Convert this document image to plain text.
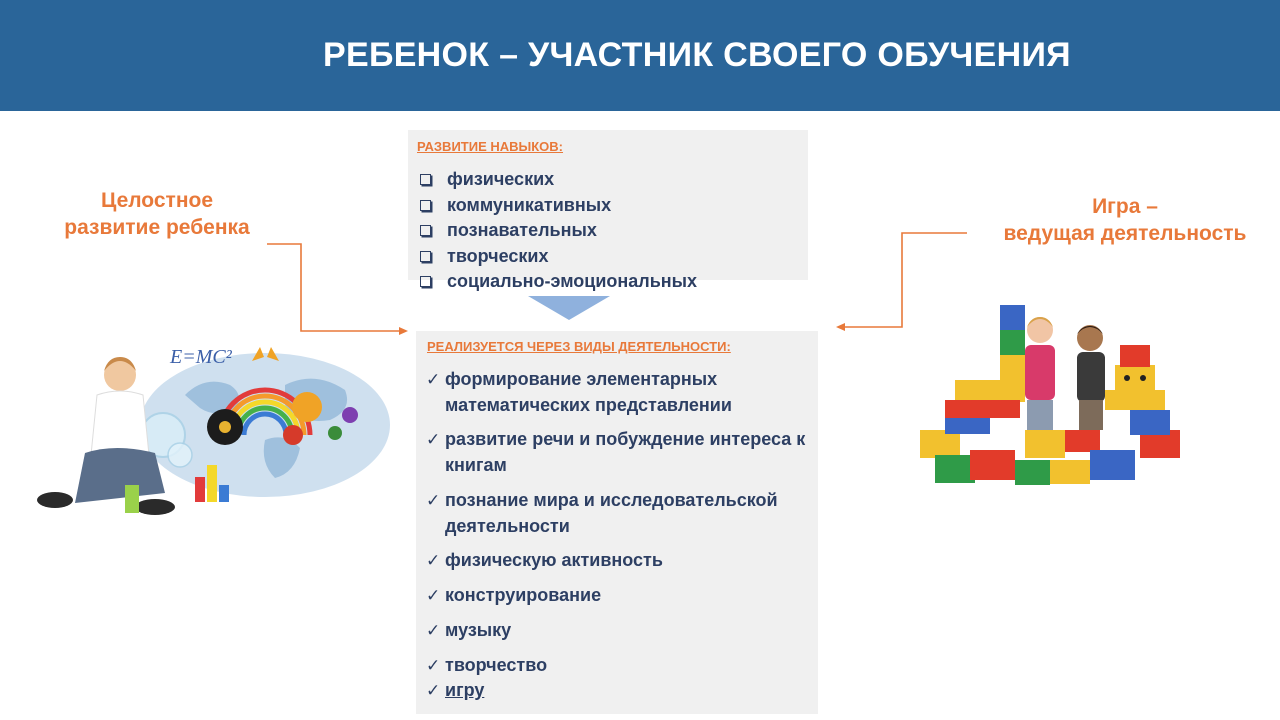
РЕБЕНОК – УЧАСТНИК СВОЕГО ОБУЧЕНИЯ
Целостное
развитие ребенка
Игра –
ведущая деятельность
РАЗВИТИЕ НАВЫКОВ:
физических
коммуникативных
познавательных
творческих
социально-эмоциональных
РЕАЛИЗУЕТСЯ ЧЕРЕЗ ВИДЫ ДЕЯТЕЛЬНОСТИ:
✓ формирование элементарных математических представлении
✓ развитие речи и побуждение интереса к книгам
✓ познание мира и исследовательской деятельности
✓ физическую активность
✓ конструирование
✓ музыку
✓ творчество
✓ игру
E=MC²
